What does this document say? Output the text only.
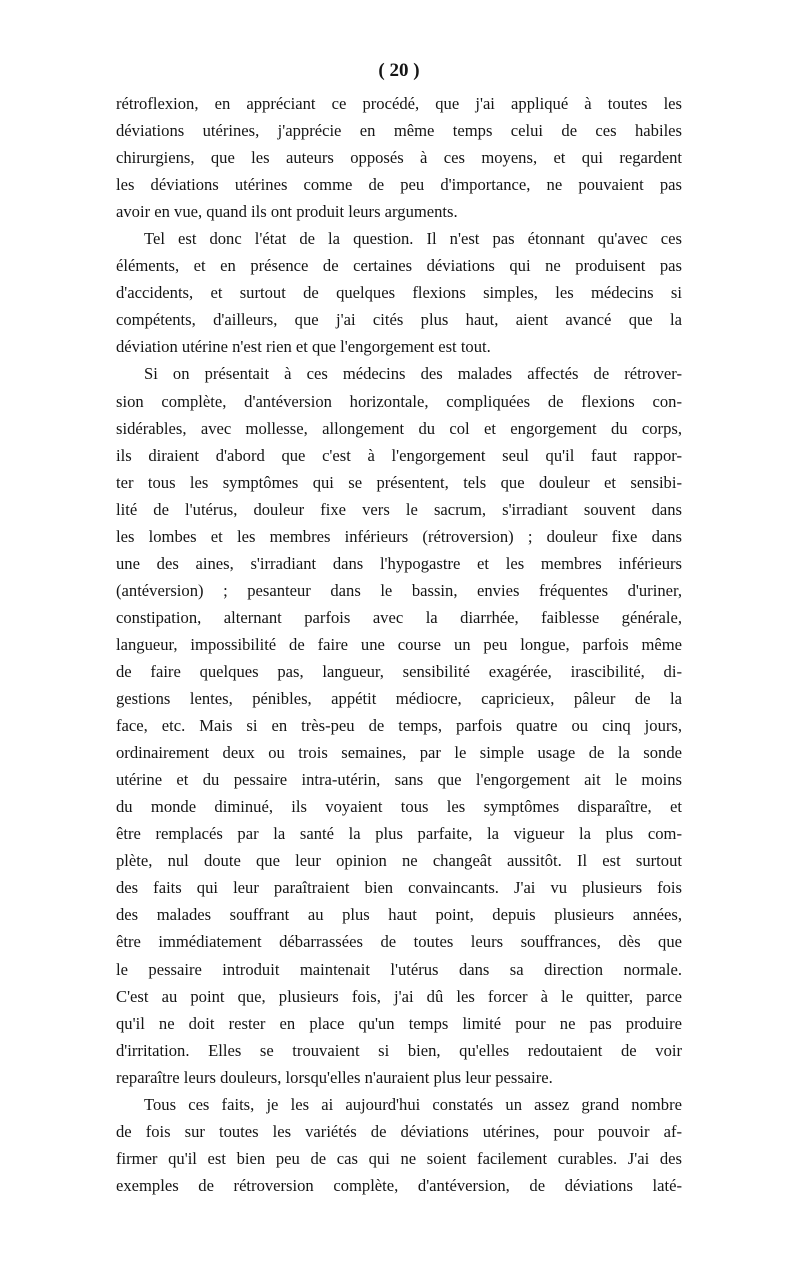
( 20 )
rétroflexion, en appréciant ce procédé, que j'ai appliqué à toutes les
déviations utérines, j'apprécie en même temps celui de ces habiles
chirurgiens, que les auteurs opposés à ces moyens, et qui regardent
les déviations utérines comme de peu d'importance, ne pouvaient pas
avoir en vue, quand ils ont produit leurs arguments.
Tel est donc l'état de la question. Il n'est pas étonnant qu'avec ces
éléments, et en présence de certaines déviations qui ne produisent pas
d'accidents, et surtout de quelques flexions simples, les médecins si
compétents, d'ailleurs, que j'ai cités plus haut, aient avancé que la
déviation utérine n'est rien et que l'engorgement est tout.
Si on présentait à ces médecins des malades affectés de rétrover-
sion complète, d'antéversion horizontale, compliquées de flexions con-
sidérables, avec mollesse, allongement du col et engorgement du corps,
ils diraient d'abord que c'est à l'engorgement seul qu'il faut rappor-
ter tous les symptômes qui se présentent, tels que douleur et sensibi-
lité de l'utérus, douleur fixe vers le sacrum, s'irradiant souvent dans
les lombes et les membres inférieurs (rétroversion) ; douleur fixe dans
une des aines, s'irradiant dans l'hypogastre et les membres inférieurs
(antéversion) ; pesanteur dans le bassin, envies fréquentes d'uriner,
constipation, alternant parfois avec la diarrhée, faiblesse générale,
langueur, impossibilité de faire une course un peu longue, parfois même
de faire quelques pas, langueur, sensibilité exagérée, irascibilité, di-
gestions lentes, pénibles, appétit médiocre, capricieux, pâleur de la
face, etc. Mais si en très-peu de temps, parfois quatre ou cinq jours,
ordinairement deux ou trois semaines, par le simple usage de la sonde
utérine et du pessaire intra-utérin, sans que l'engorgement ait le moins
du monde diminué, ils voyaient tous les symptômes disparaître, et
être remplacés par la santé la plus parfaite, la vigueur la plus com-
plète, nul doute que leur opinion ne changeât aussitôt. Il est surtout
des faits qui leur paraîtraient bien convaincants. J'ai vu plusieurs fois
des malades souffrant au plus haut point, depuis plusieurs années,
être immédiatement débarrassées de toutes leurs souffrances, dès que
le pessaire introduit maintenait l'utérus dans sa direction normale.
C'est au point que, plusieurs fois, j'ai dû les forcer à le quitter, parce
qu'il ne doit rester en place qu'un temps limité pour ne pas produire
d'irritation. Elles se trouvaient si bien, qu'elles redoutaient de voir
reparaître leurs douleurs, lorsqu'elles n'auraient plus leur pessaire.
Tous ces faits, je les ai aujourd'hui constatés un assez grand nombre
de fois sur toutes les variétés de déviations utérines, pour pouvoir af-
firmer qu'il est bien peu de cas qui ne soient facilement curables. J'ai des
exemples de rétroversion complète, d'antéversion, de déviations laté-
